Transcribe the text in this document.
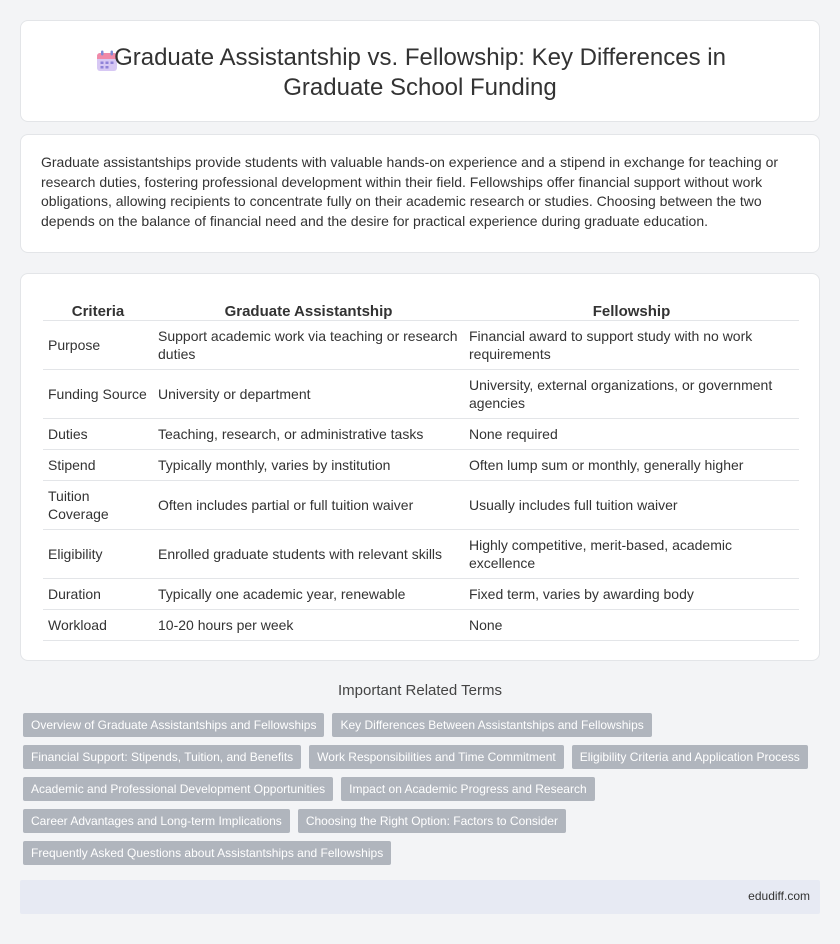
Graduate Assistantship vs. Fellowship: Key Differences in Graduate School Funding

Graduate assistantships provide students with valuable hands-on experience and a stipend in exchange for teaching or research duties, fostering professional development within their field. Fellowships offer financial support without work obligations, allowing recipients to concentrate fully on their academic research or studies. Choosing between the two depends on the balance of financial need and the desire for practical experience during graduate education.

Criteria	Graduate Assistantship	Fellowship
Purpose	Support academic work via teaching or research duties	Financial award to support study with no work requirements
Funding Source	University or department	University, external organizations, or government agencies
Duties	Teaching, research, or administrative tasks	None required
Stipend	Typically monthly, varies by institution	Often lump sum or monthly, generally higher
Tuition Coverage	Often includes partial or full tuition waiver	Usually includes full tuition waiver
Eligibility	Enrolled graduate students with relevant skills	Highly competitive, merit-based, academic excellence
Duration	Typically one academic year, renewable	Fixed term, varies by awarding body
Workload	10-20 hours per week	None
Important Related Terms
Overview of Graduate Assistantships and Fellowships	Key Differences Between Assistantships and Fellowships
Financial Support: Stipends, Tuition, and Benefits	Work Responsibilities and Time Commitment	Eligibility Criteria and Application Process
Academic and Professional Development Opportunities	Impact on Academic Progress and Research
Career Advantages and Long-term Implications	Choosing the Right Option: Factors to Consider
Frequently Asked Questions about Assistantships and Fellowships
edudiff.com
